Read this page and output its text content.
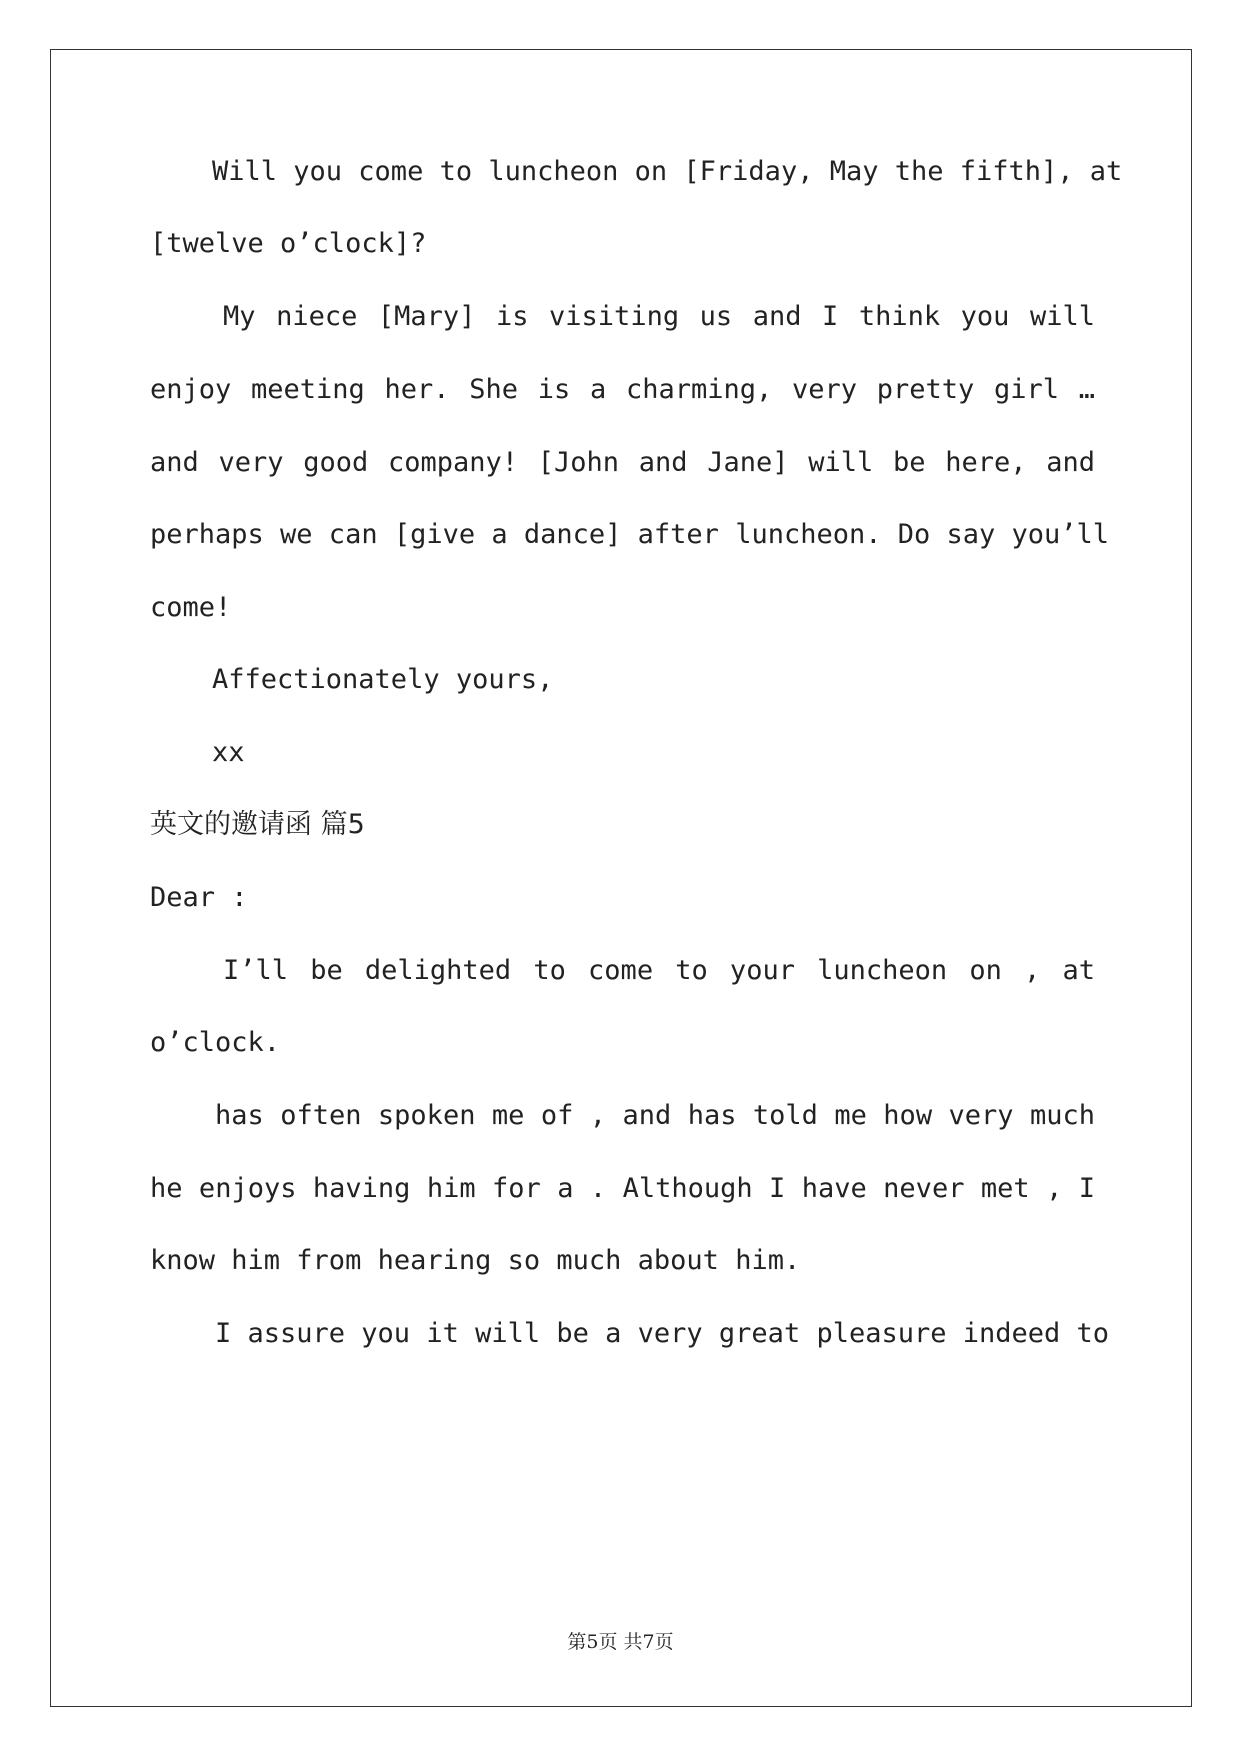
Will you come to luncheon on [Friday, May the fifth], at
[twelve o’clock]?
My niece [Mary] is visiting us and I think you will
enjoy meeting her. She is a charming, very pretty girl …
and very good company! [John and Jane] will be here, and
perhaps we can [give a dance] after luncheon. Do say you’ll
come!
Affectionately yours,
xx
英文的邀请函 篇5
Dear :
I’ll be delighted to come to your luncheon on , at
o’clock.
has often spoken me of , and has told me how very much
he enjoys having him for a . Although I have never met , I
know him from hearing so much about him.
I assure you it will be a very great pleasure indeed to
第5页 共7页
